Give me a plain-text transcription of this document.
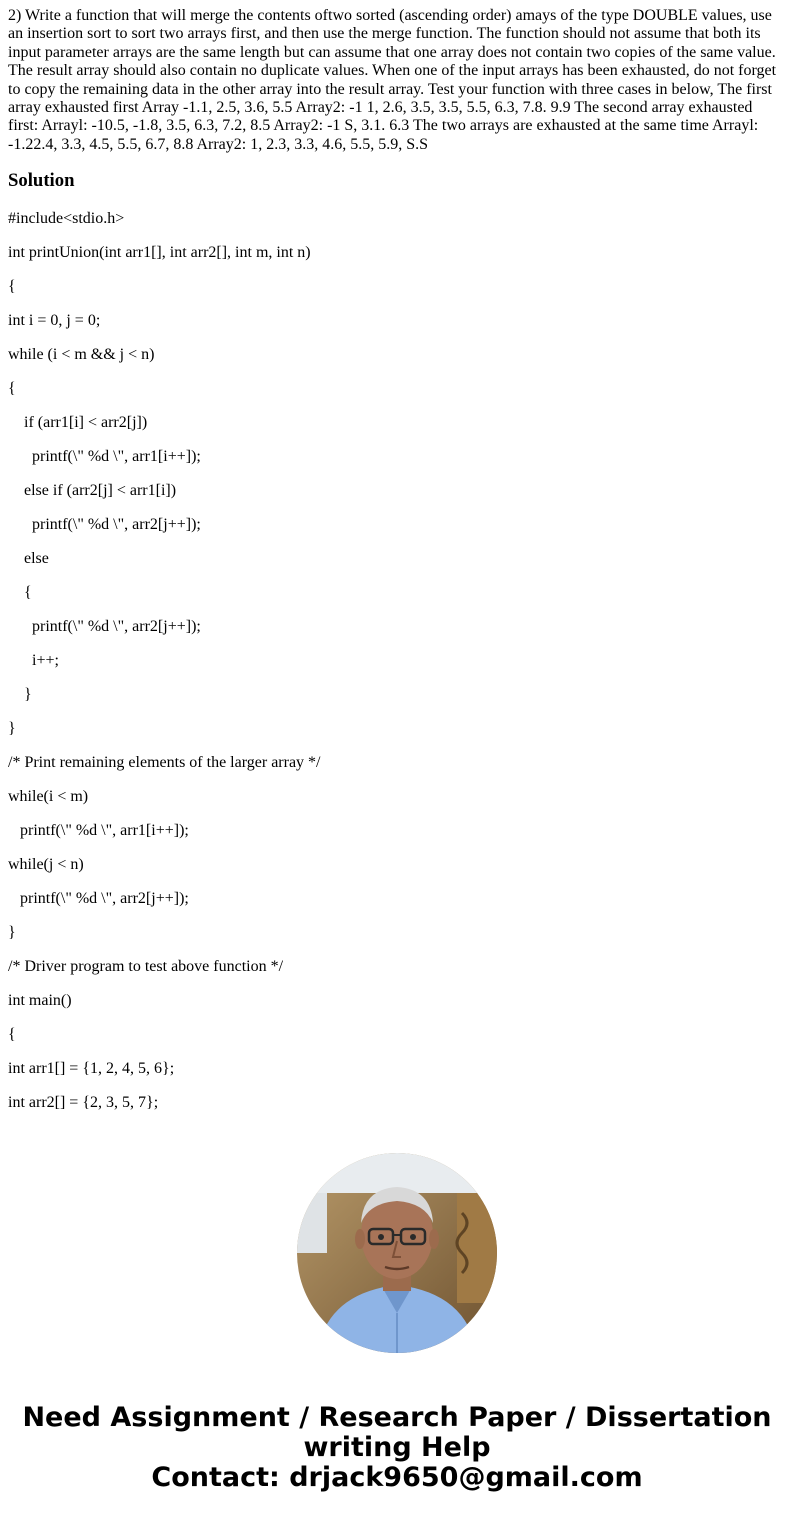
2) Write a function that will merge the contents oftwo sorted (ascending order) amays of the type DOUBLE values, use an insertion sort to sort two arrays first, and then use the merge function. The function should not assume that both its input parameter arrays are the same length but can assume that one array does not contain two copies of the same value. The result array should also contain no duplicate values. When one of the input arrays has been exhausted, do not forget to copy the remaining data in the other array into the result array. Test your function with three cases in below, The first array exhausted first Array -1.1, 2.5, 3.6, 5.5 Array2: -1 1, 2.6, 3.5, 3.5, 5.5, 6.3, 7.8. 9.9 The second array exhausted first: Arrayl: -10.5, -1.8, 3.5, 6.3, 7.2, 8.5 Array2: -1 S, 3.1. 6.3 The two arrays are exhausted at the same time Arrayl: -1.22.4, 3.3, 4.5, 5.5, 6.7, 8.8 Array2: 1, 2.3, 3.3, 4.6, 5.5, 5.9, S.S

Solution

#include<stdio.h>

int printUnion(int arr1[], int arr2[], int m, int n)

{

int i = 0, j = 0;

while (i < m && j < n)

{

if (arr1[i] < arr2[j])

printf(\" %d \", arr1[i++]);

else if (arr2[j] < arr1[i])

printf(\" %d \", arr2[j++]);

else

{

printf(\" %d \", arr2[j++]);

i++;

}

}

/* Print remaining elements of the larger array */

while(i < m)

printf(\" %d \", arr1[i++]);

while(j < n)

printf(\" %d \", arr2[j++]);

}

/* Driver program to test above function */

int main()

{

int arr1[] = {1, 2, 4, 5, 6};

int arr2[] = {2, 3, 5, 7};

Need Assignment / Research Paper / Dissertation
writing Help
Contact: drjack9650@gmail.com
